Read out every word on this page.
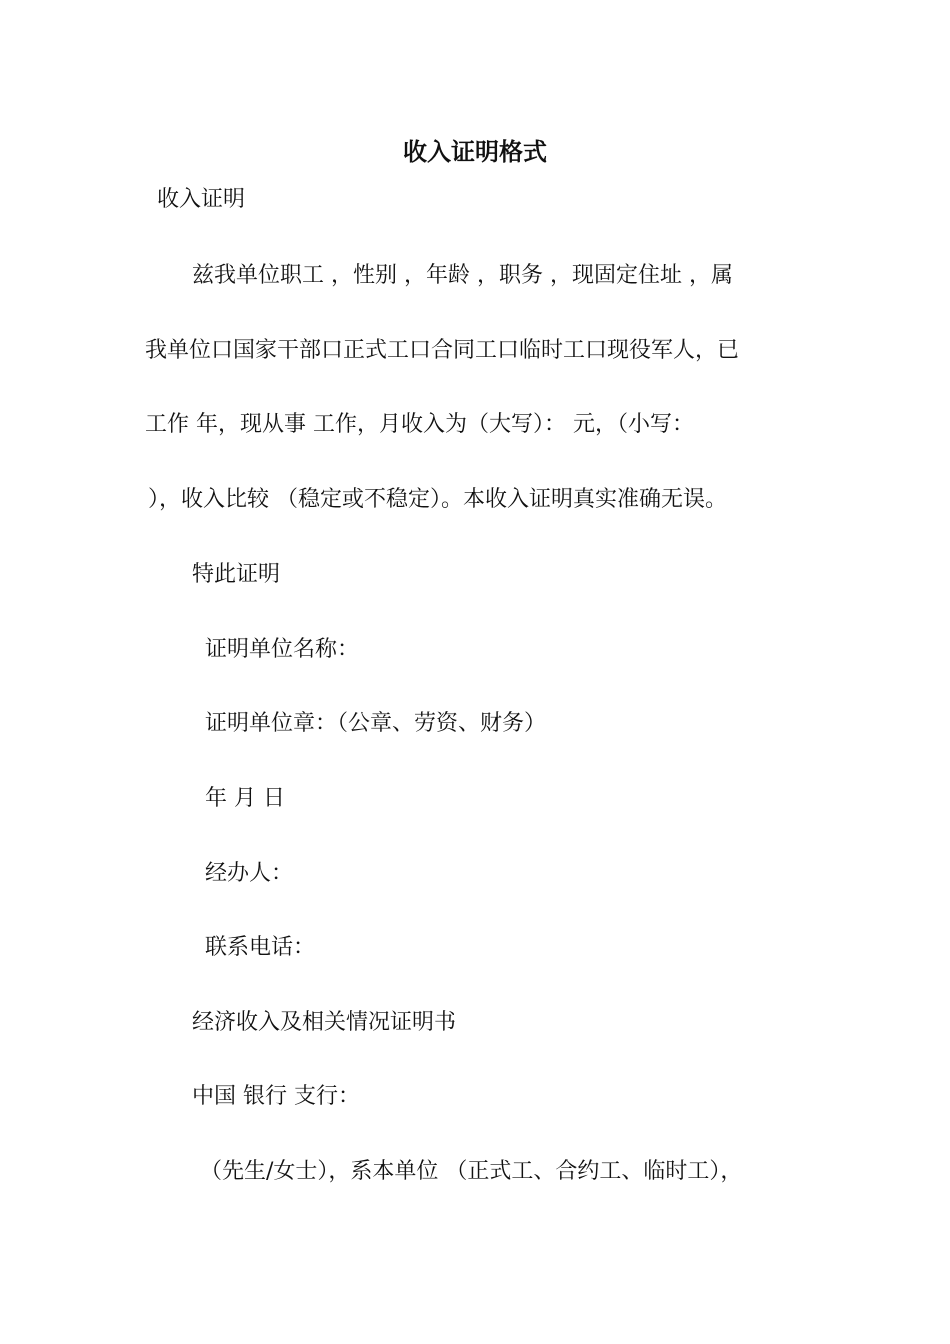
收入证明格式

收入证明

兹我单位职工 ，性别 ，年龄 ，职务 ，现固定住址 ，属

我单位口国家干部口正式工口合同工口临时工口现役军人，已

工作 年，现从事 工作，月收入为（大写）： 元，（小写：

），收入比较 （稳定或不稳定）。本收入证明真实准确无误。

特此证明

证明单位名称：

证明单位章：（公章、劳资、财务）

年 月 日

经办人：

联系电话：

经济收入及相关情况证明书

中国 银行 支行：

（先生/女士），系本单位 （正式工、合约工、临时工），
